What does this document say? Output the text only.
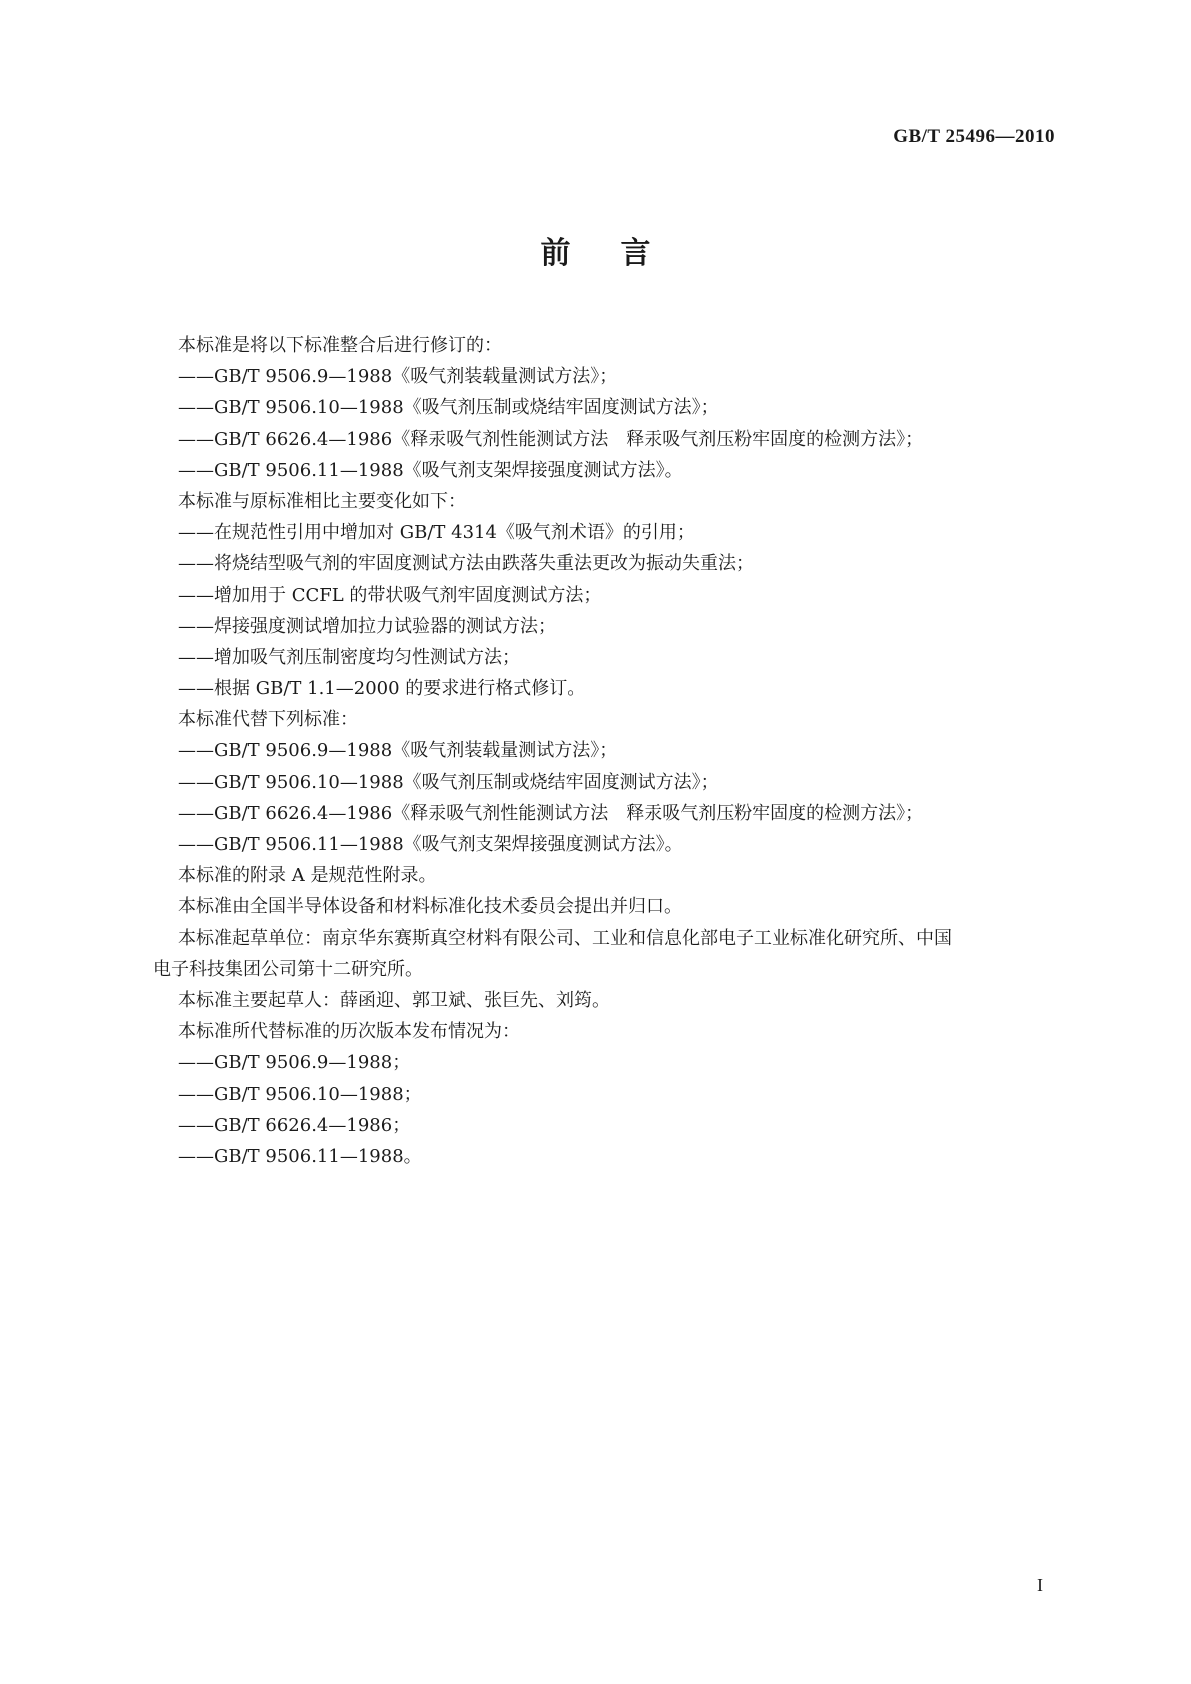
GB/T 25496—2010
前言
本标准是将以下标准整合后进行修订的：
——GB/T 9506.9—1988《吸气剂装载量测试方法》；
——GB/T 9506.10—1988《吸气剂压制或烧结牢固度测试方法》；
——GB/T 6626.4—1986《释汞吸气剂性能测试方法　释汞吸气剂压粉牢固度的检测方法》；
——GB/T 9506.11—1988《吸气剂支架焊接强度测试方法》。
本标准与原标准相比主要变化如下：
——在规范性引用中增加对 GB/T 4314《吸气剂术语》的引用；
——将烧结型吸气剂的牢固度测试方法由跌落失重法更改为振动失重法；
——增加用于 CCFL 的带状吸气剂牢固度测试方法；
——焊接强度测试增加拉力试验器的测试方法；
——增加吸气剂压制密度均匀性测试方法；
——根据 GB/T 1.1—2000 的要求进行格式修订。
本标准代替下列标准：
——GB/T 9506.9—1988《吸气剂装载量测试方法》；
——GB/T 9506.10—1988《吸气剂压制或烧结牢固度测试方法》；
——GB/T 6626.4—1986《释汞吸气剂性能测试方法　释汞吸气剂压粉牢固度的检测方法》；
——GB/T 9506.11—1988《吸气剂支架焊接强度测试方法》。
本标准的附录 A 是规范性附录。
本标准由全国半导体设备和材料标准化技术委员会提出并归口。
本标准起草单位：南京华东赛斯真空材料有限公司、工业和信息化部电子工业标准化研究所、中国
电子科技集团公司第十二研究所。
本标准主要起草人：薛函迎、郭卫斌、张巨先、刘筠。
本标准所代替标准的历次版本发布情况为：
——GB/T 9506.9—1988；
——GB/T 9506.10—1988；
——GB/T 6626.4—1986；
——GB/T 9506.11—1988。
I
